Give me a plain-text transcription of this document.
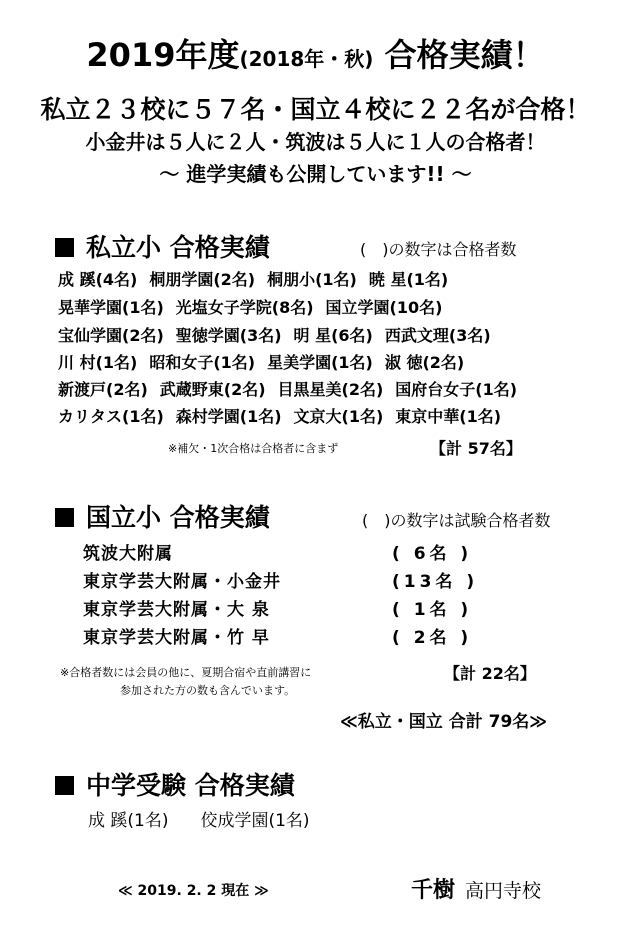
2019年度(2018年・秋) 合格実績！
私立２３校に５７名・国立４校に２２名が合格！
小金井は５人に２人・筑波は５人に１人の合格者！
～ 進学実績も公開しています!! ～
私立小 合格実績	(　)の数字は合格者数
成 蹊(4名) 桐朋学園(2名) 桐朋小(1名) 暁 星(1名)
晃華学園(1名) 光塩女子学院(8名) 国立学園(10名)
宝仙学園(2名) 聖徳学園(3名) 明 星(6名) 西武文理(3名)
川 村(1名) 昭和女子(1名) 星美学園(1名) 淑 徳(2名)
新渡戸(2名) 武蔵野東(2名) 目黒星美(2名) 国府台女子(1名)
カリタス(1名) 森村学園(1名) 文京大(1名) 東京中華(1名)
※補欠・1次合格は合格者に含まず	【計 57名】
国立小 合格実績	(　)の数字は試験合格者数
筑波大附属	( 6名 )
東京学芸大附属・小金井	(13名 )
東京学芸大附属・大 泉	( 1名 )
東京学芸大附属・竹 早	( 2名 )
※合格者数には会員の他に、夏期合宿や直前講習に
参加された方の数も含んでいます。
【計 22名】
≪私立・国立 合計 79名≫
中学受験 合格実績
成 蹊(1名) 佼成学園(1名)
≪ 2019. 2. 2 現在 ≫	千樹 高円寺校
